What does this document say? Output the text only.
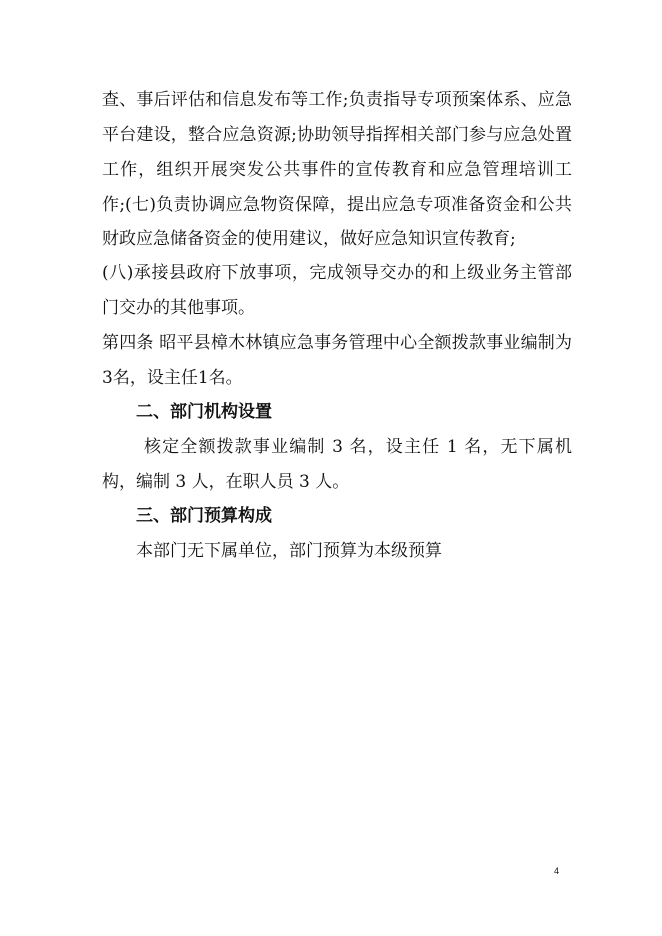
查、事后评估和信息发布等工作;负责指导专项预案体系、应急
平台建设，整合应急资源;协助领导指挥相关部门参与应急处置
工作，组织开展突发公共事件的宣传教育和应急管理培训工
作;(七)负责协调应急物资保障，提出应急专项准备资金和公共
财政应急储备资金的使用建议，做好应急知识宣传教育;
(八)承接县政府下放事项，完成领导交办的和上级业务主管部
门交办的其他事项。
第四条 昭平县樟木林镇应急事务管理中心全额拨款事业编制为
3名，设主任1名。
二、部门机构设置
核定全额拨款事业编制 3 名，设主任 1 名，无下属机
构，编制 3 人，在职人员 3 人。
三、部门预算构成
本部门无下属单位，部门预算为本级预算
4
